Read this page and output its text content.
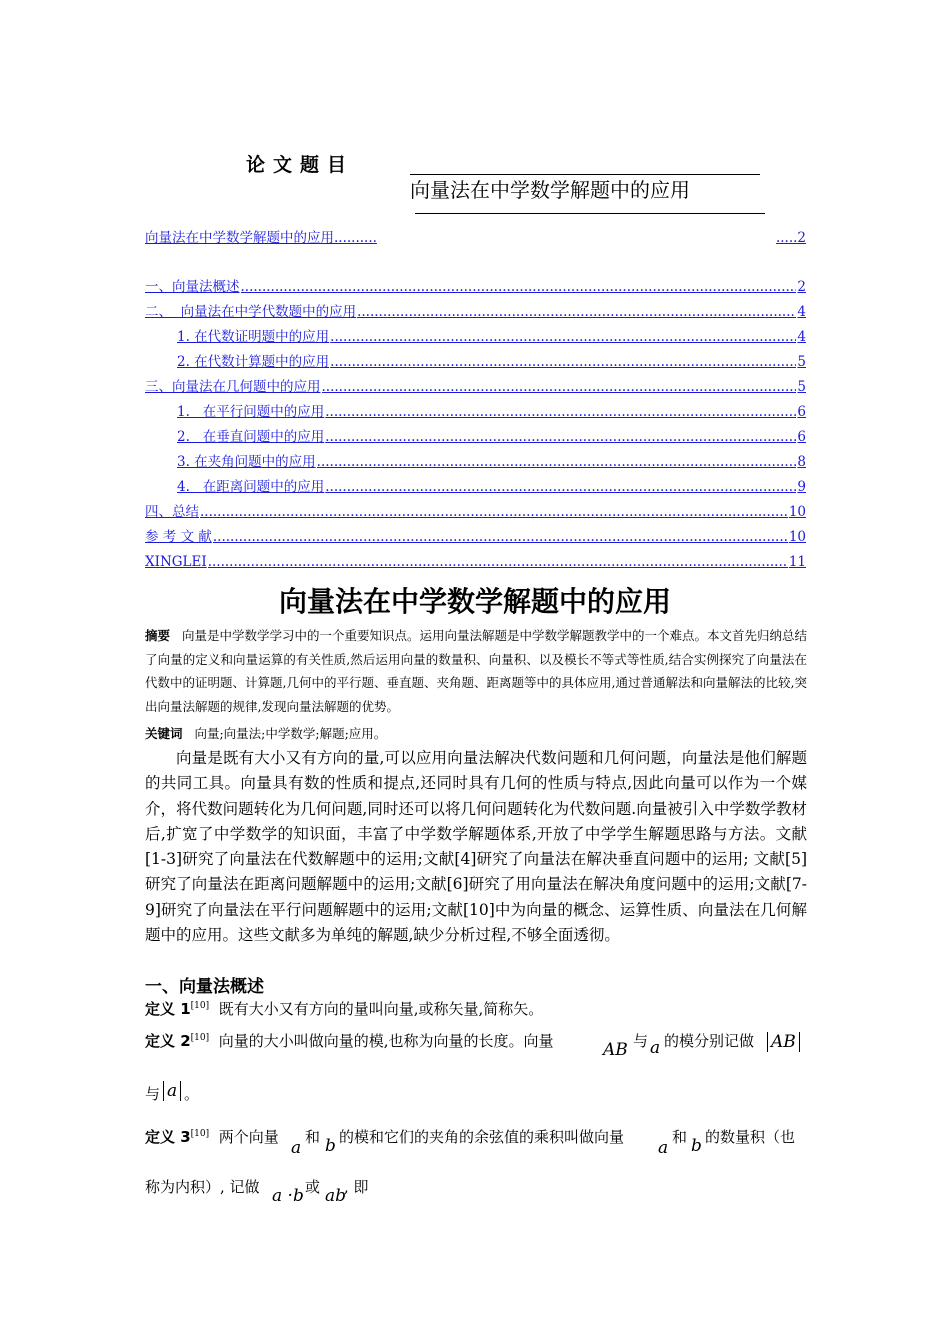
论文题目
向量法在中学数学解题中的应用
向量法在中学数学解题中的应用..........	.....2
一、向量法概述 .....	2
二、  向量法在中学代数题中的应用 .....	4
1. 在代数证明题中的应用 .....	4
2. 在代数计算题中的应用 .....	5
三、向量法在几何题中的应用 .....	5
1.   在平行问题中的应用 .....	6
2.   在垂直问题中的应用 .....	6
3. 在夹角问题中的应用 .....	8
4.   在距离问题中的应用 .....	9
四、总结 .....	10
参 考 文 献 .....	10
XINGLEI .....	11
向量法在中学数学解题中的应用
摘要 向量是中学数学学习中的一个重要知识点。运用向量法解题是中学数学解题教学中的一个难点。本文首先归纳总结了向量的定义和向量运算的有关性质,然后运用向量的数量积、向量积、以及模长不等式等性质,结合实例探究了向量法在代数中的证明题、计算题,几何中的平行题、垂直题、夹角题、距离题等中的具体应用,通过普通解法和向量解法的比较,突出向量法解题的规律,发现向量法解题的优势。
关键词 向量;向量法;中学数学;解题;应用。
向量是既有大小又有方向的量,可以应用向量法解决代数问题和几何问题，向量法是他们解题的共同工具。向量具有数的性质和提点,还同时具有几何的性质与特点,因此向量可以作为一个媒介，将代数问题转化为几何问题,同时还可以将几何问题转化为代数问题.向量被引入中学数学教材后,扩宽了中学数学的知识面，丰富了中学数学解题体系,开放了中学学生解题思路与方法。文献[1-3]研究了向量法在代数解题中的运用;文献[4]研究了向量法在解决垂直问题中的运用; 文献[5]研究了向量法在距离问题解题中的运用;文献[6]研究了用向量法在解决角度问题中的运用;文献[7-9]研究了向量法在平行问题解题中的运用;文献[10]中为向量的概念、运算性质、向量法在几何解题中的应用。这些文献多为单纯的解题,缺少分析过程,不够全面透彻。
一、向量法概述
定义 1[10] 既有大小又有方向的量叫向量,或称矢量,简称矢。
定义 2[10] 向量的大小叫做向量的模,也称为向量的长度。向量	AB 与 a 的模分别记做 AB
与 a 。
定义 3[10] 两个向量
a
和 b 的模和它们的夹角的余弦值的乘积叫做向量
a
和 b 的数量积（也
称为内积）, 记做 a ·b 或 ab
, 即
